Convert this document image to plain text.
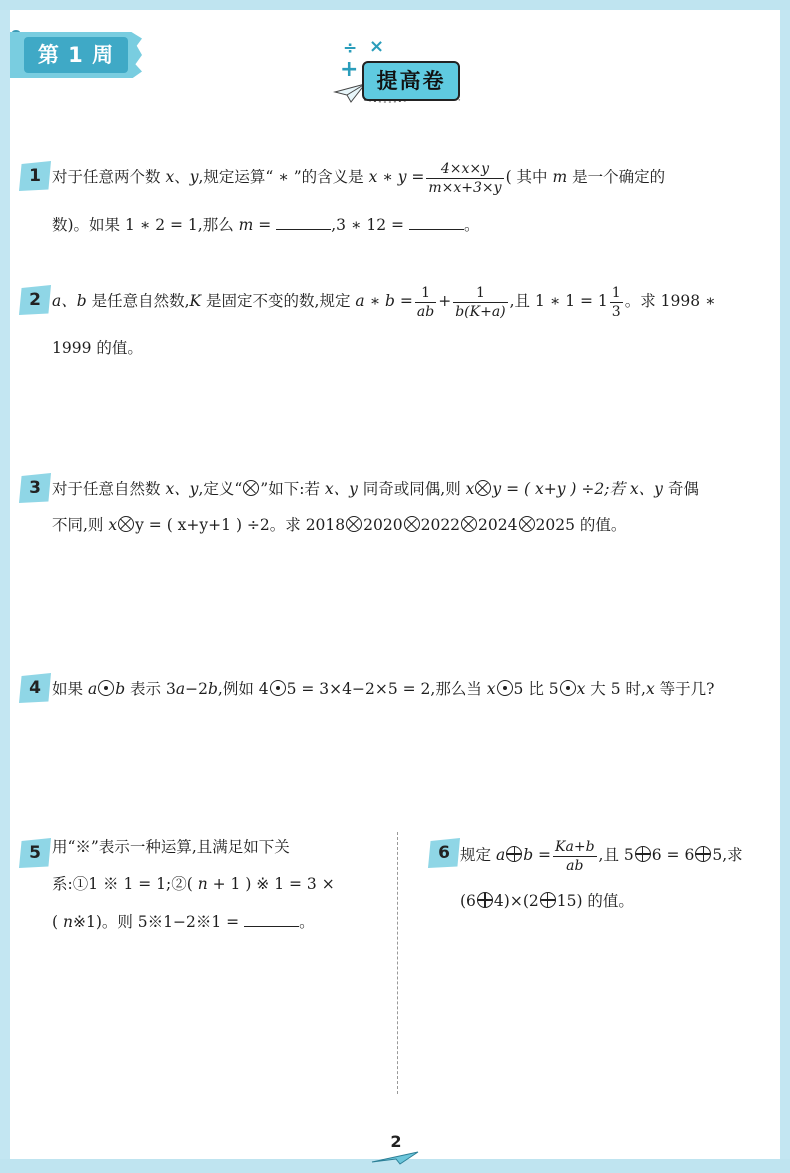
第 1 周	÷ ×
+ 提高卷
1 对于任意两个数 x、y,规定运算“ ∗ ”的含义是 x ∗ $y = \frac{4\times x\times y}{m\times x+3\times y}$ ( 其中 m 是一个确定的
数)。如果 1 ∗ 2 = 1,那么 m =	,3 ∗ 12 =	。
2 a、b 是任意自然数,K 是固定不变的数,规定 a ∗ $b = \frac{1}{ab} + \frac{1}{b(K+a)}$ ,且 1 ∗ $1 = 1 \frac{1}{3}$ 。求 1998 ∗
1999 的值。
3 对于任意自然数 x、y,定义“ ”如下:若 x、y 同奇或同偶,则 x y = ( x+y ) ÷2;若 x、y 奇偶
不同,则 x y = ( x+y+1 ) ÷2。求 2018 2020 2022 2024 2025 的值。
4 如果 a b 表示 3a−2b,例如 4 5 = 3×4−2×5 = 2,那么当 x 5 比 5 x 大 5 时,x 等于几?
5 用“※”表示一种运算,且满足如下关
系:①1 ※ 1 = 1;②( n + 1 ) ※ 1 = 3 ×
( n※1)。则 5※1−2※1 =	。
6 规定 a $b = \frac{Ka+b}{ab}$ ,且 5 6 = 6 5,求
(6 4)×(2 15) 的值。
2
